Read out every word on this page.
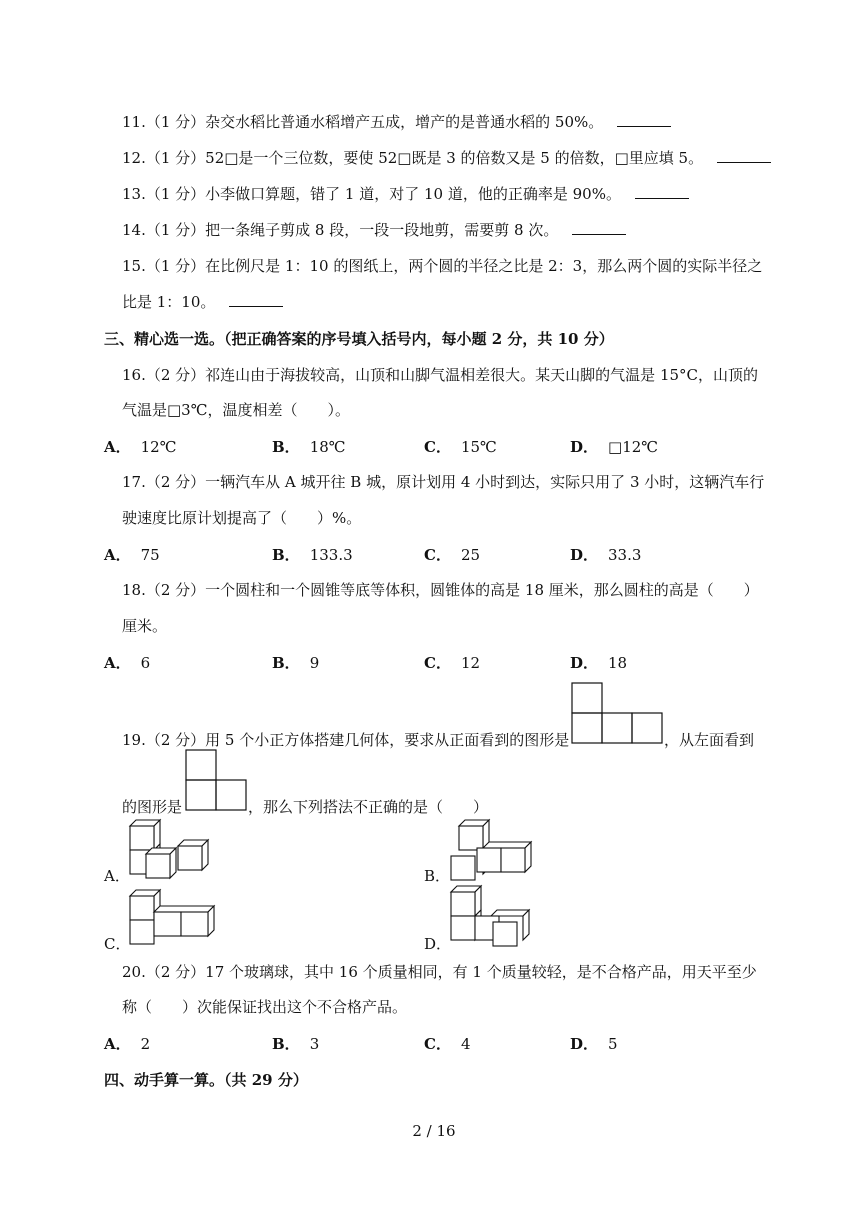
11.（1 分）杂交水稻比普通水稻增产五成，增产的是普通水稻的 50%。
12.（1 分）52□是一个三位数，要使 52□既是 3 的倍数又是 5 的倍数，□里应填 5。
13.（1 分）小李做口算题，错了 1 道，对了 10 道，他的正确率是 90%。
14.（1 分）把一条绳子剪成 8 段，一段一段地剪，需要剪 8 次。
15.（1 分）在比例尺是 1：10 的图纸上，两个圆的半径之比是 2：3，那么两个圆的实际半径之
比是 1：10。
三、精心选一选。（把正确答案的序号填入括号内，每小题 2 分，共 10 分）
16.（2 分）祁连山由于海拔较高，山顶和山脚气温相差很大。某天山脚的气温是 15°C，山顶的
气温是□3℃，温度相差（　　）。
A． 12℃	B． 18℃	C． 15℃	D． □12℃
17.（2 分）一辆汽车从 A 城开往 B 城，原计划用 4 小时到达，实际只用了 3 小时，这辆汽车行
驶速度比原计划提高了（　　）%。
A． 75	B． 133.3	C． 25	D． 33.3
18.（2 分）一个圆柱和一个圆锥等底等体积，圆锥体的高是 18 厘米，那么圆柱的高是（　　）
厘米。
A． 6	B． 9	C． 12	D． 18
19.（2 分）用 5 个小正方体搭建几何体，要求从正面看到的图形是	，从左面看到
的图形是	，那么下列搭法不正确的是（　　）
A．	B．
C．	D．
20.（2 分）17 个玻璃球，其中 16 个质量相同，有 1 个质量较轻，是不合格产品，用天平至少
称（　　）次能保证找出这个不合格产品。
A． 2	B． 3	C． 4	D． 5
四、动手算一算。（共 29 分）
2 / 16
